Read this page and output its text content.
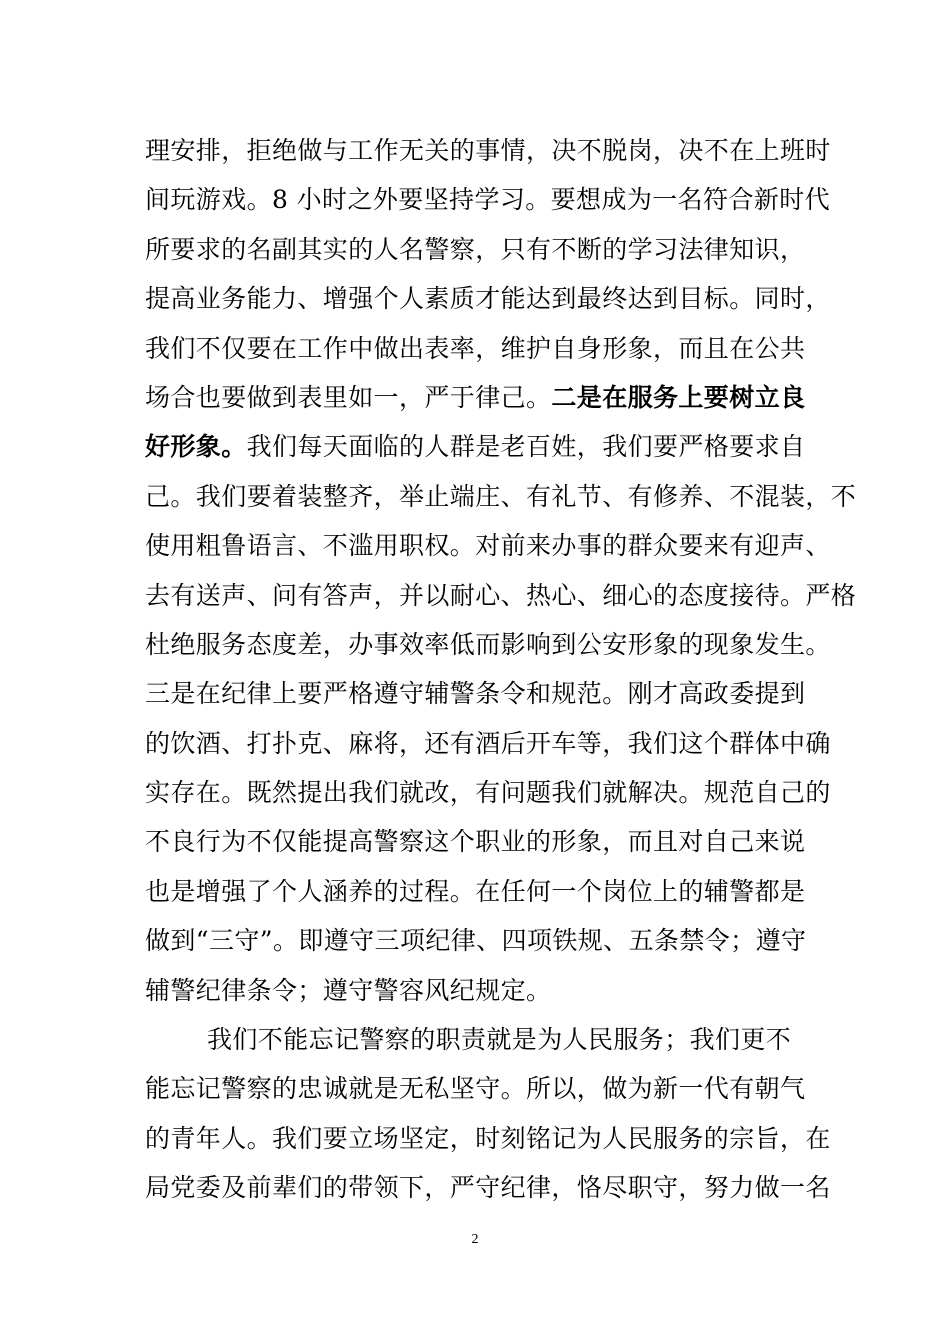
理安排，拒绝做与工作无关的事情，决不脱岗，决不在上班时
间玩游戏。8 小时之外要坚持学习。要想成为一名符合新时代
所要求的名副其实的人名警察，只有不断的学习法律知识，
提高业务能力、增强个人素质才能达到最终达到目标。同时，
我们不仅要在工作中做出表率，维护自身形象，而且在公共
场合也要做到表里如一，严于律己。二是在服务上要树立良
好形象。我们每天面临的人群是老百姓，我们要严格要求自
己。我们要着装整齐，举止端庄、有礼节、有修养、不混装，不
使用粗鲁语言、不滥用职权。对前来办事的群众要来有迎声、
去有送声、问有答声，并以耐心、热心、细心的态度接待。严格
杜绝服务态度差，办事效率低而影响到公安形象的现象发生。
三是在纪律上要严格遵守辅警条令和规范。刚才高政委提到
的饮酒、打扑克、麻将，还有酒后开车等，我们这个群体中确
实存在。既然提出我们就改，有问题我们就解决。规范自己的
不良行为不仅能提高警察这个职业的形象，而且对自己来说
也是增强了个人涵养的过程。在任何一个岗位上的辅警都是
做到“三守”。即遵守三项纪律、四项铁规、五条禁令；遵守
辅警纪律条令；遵守警容风纪规定。
我们不能忘记警察的职责就是为人民服务；我们更不
能忘记警察的忠诚就是无私坚守。所以，做为新一代有朝气
的青年人。我们要立场坚定，时刻铭记为人民服务的宗旨，在
局党委及前辈们的带领下，严守纪律，恪尽职守，努力做一名
2
